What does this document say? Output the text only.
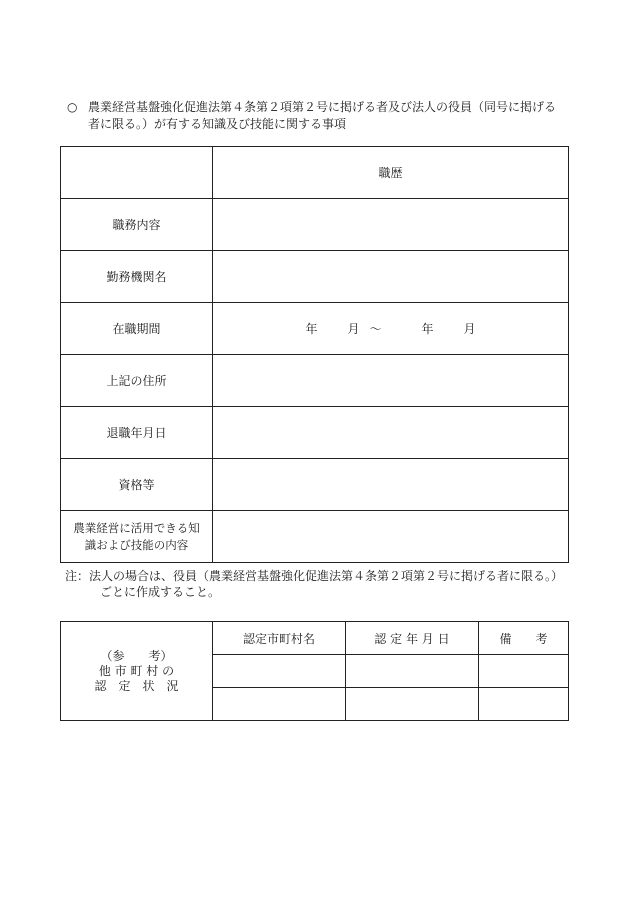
○ 農業経営基盤強化促進法第４条第２項第２号に掲げる者及び法人の役員（同号に掲げる
者に限る。）が有する知識及び技能に関する事項
	職歴
職務内容	
勤務機関名	
在職期間	年 月 ～ 年 月
上記の住所	
退職年月日	
資格等	

農業経営に活用できる知
識および技能の内容	

注：法人の場合は、役員（農業経営基盤強化促進法第４条第２項第２号に掲げる者に限る。）
ごとに作成すること。
（参　　考）
他 市 町 村 の
認　定　状　況	認定市町村名	認 定 年 月 日	備　　考
